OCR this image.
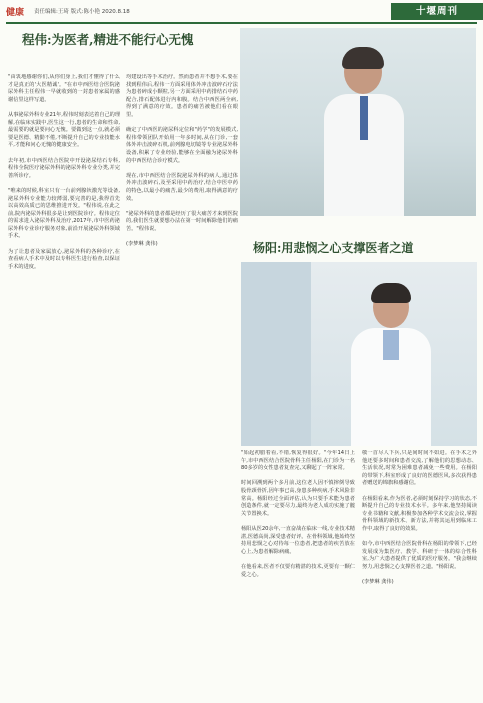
健康 责任编辑:王琦 版式:陈小艳 2020.8.18	十堰周刊
程伟:为医者,精进不能行心无愧
"由衷地感谢你们,从你们身上,我们才懂得了什么才是真正的'大医精诚'。"在市中西医结合医院泌尿外科主任程伟一早就收到的一封患者家属的感谢信里这样写道。

从事泌尿外科专业21年,程伟时刻表达着自己的理解,在临床实践中,医生这一行,患者的生命和性命,最需要的就是要问心无愧。要做到这一点,就必须要是医德、精勤不倦,不断提升自己的专业技能水平,才能和问心无愧的健康安全。

去年初,市中西医结合医院中开设泌尿结石专科,程伟全院医疗泌尿外科的泌尿外科专业分类,并完善所诊疗。

"唯来的时候,科室只有一台前列腺钬激光等设备,泌尿外科专业能力较薄弱,要完善的是,我得首先以高效高质已的思维推进开发。"程伟说,在此之前,院内泌尿外科很多是让到医院诊疗。程伟定位的需求进入泌尿外科及治疗,2017年,市中医药泌尿外科专业诊疗服务对象,前沿开展泌尿外科领域手术。

为了让患者及家属放心,泌尿外科的各种诊疗,在查看病人手术中及时以专科医生进行检查,以保证手术的进度。
均建设出等手术治疗。然而患者并不想手术,要在找到程伟后,程伟一方面采用体外冲击波碎石疗法为患者碎成小颗粒,另一方面采用中药排结石中药配合,排石配体进行内和腹。结合中西医两全病,得到了满意的疗效。患者的痛苦被他们看在眼里。

确定了中西医的泌尿科定位和"药学"的发展模式,程伟带领团队开始用一年多时间,从在门诊,一套体外冲击波碎石机,前列腺电切镜等专业泌尿外科设备,积累了专业经验,能够在全面融为泌尿外科的中西医结合诊疗模式。

现在,市中西医结合医院泌尿外科的病人,通过体外冲击波碎石,及至采用中药治疗,结合中医中药的特色,以最小的痛苦,最少的费用,取得满意的疗效。

"泌尿外科的患者都是经历了很大痛苦才来到医院的,我们医生就要想办法在第一时间解除他们的痛苦。"程伟说。

(李梦琳 龚伟)	杨阳:用悲悯之心支撑医者之道
"始起初腊着看,不错,恢复得很好。"今年14日上午,市中西医结合医院骨科主任杨阳,在门诊为一名80多岁的女性患者复查完,又聊起了一阵家常。

时间回溯到两个多月前,这位老人因不慎摔倒导致股骨颈骨折,因年事已高,身患多种疾病,手术风险非常高。杨阳经过全面评估,认为只要手术能为患者创造条件,就一定要尽力,最终为老人成功实施了髋关节置换术。

杨阳从医20余年,一直奋战在临床一线,专业技术精湛,医德高尚,深受患者好评。在骨科领域,他始终坚持用悲悯之心对待每一位患者,把患者的疾苦放在心上,为患者解除病痛。

在他看来,医者不仅要有精湛的技术,更要有一颗仁爱之心。
敬一首尽人下兵,只是间时间不如进。在手术之外他还要多时间和患者交流,了解他们的思想动态、生活状况,时常为困难患者减免一些费用。在杨阳的带领下,科室形成了良好的医德医风,多次获得患者赠送的锦旗和感谢信。

在杨阳看来,作为医者,必须时刻保持学习的状态,不断提升自己的专业技术水平。多年来,他坚持阅读专业书籍和文献,积极参加各种学术交流会议,掌握骨科领域的新技术、新方法,并将其运用到临床工作中,取得了良好的效果。

如今,市中西医结合医院骨科在杨阳的带领下,已经发展成为集医疗、教学、科研于一体的综合性科室,为广大患者提供了优质的医疗服务。"我会继续努力,用悲悯之心支撑医者之道。"杨阳说。

(李梦琳 龚伟)
